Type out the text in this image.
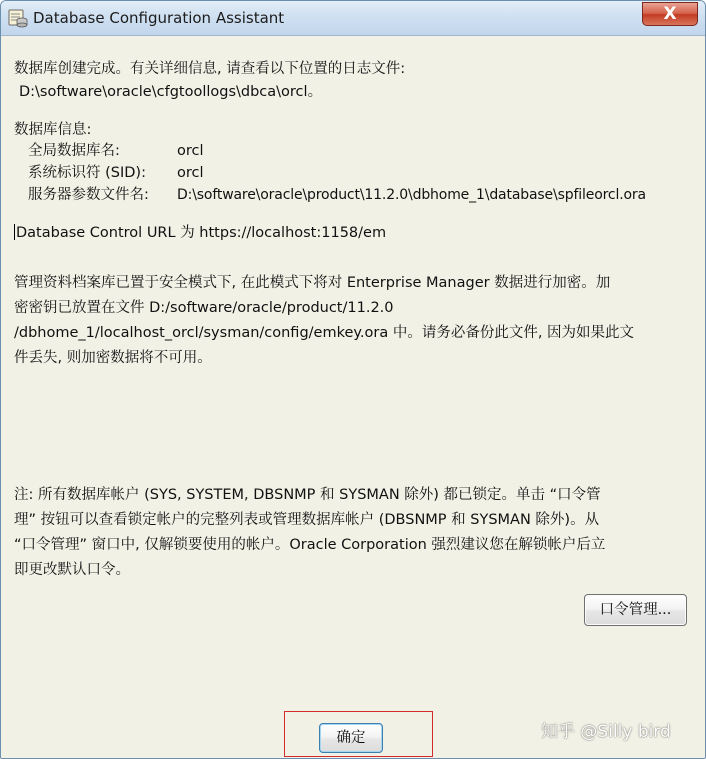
Database Configuration Assistant	X
数据库创建完成。有关详细信息, 请查看以下位置的日志文件:
D:\software\oracle\cfgtoollogs\dbca\orcl。
数据库信息:
全局数据库名:	orcl
系统标识符 (SID): orcl
服务器参数文件名: D:\software\oracle\product\11.2.0\dbhome_1\database\spfileorcl.ora
Database Control URL 为 https://localhost:1158/em
管理资料档案库已置于安全模式下, 在此模式下将对 Enterprise Manager 数据进行加密。加
密密钥已放置在文件 D:/software/oracle/product/11.2.0
/dbhome_1/localhost_orcl/sysman/config/emkey.ora 中。请务必备份此文件, 因为如果此文
件丢失, 则加密数据将不可用。
注: 所有数据库帐户 (SYS, SYSTEM, DBSNMP 和 SYSMAN 除外) 都已锁定。单击 “口令管
理” 按钮可以查看锁定帐户的完整列表或管理数据库帐户 (DBSNMP 和 SYSMAN 除外)。从
“口令管理” 窗口中, 仅解锁要使用的帐户。Oracle Corporation 强烈建议您在解锁帐户后立
即更改默认口令。
口令管理...
确定	知乎 @Silly bird
